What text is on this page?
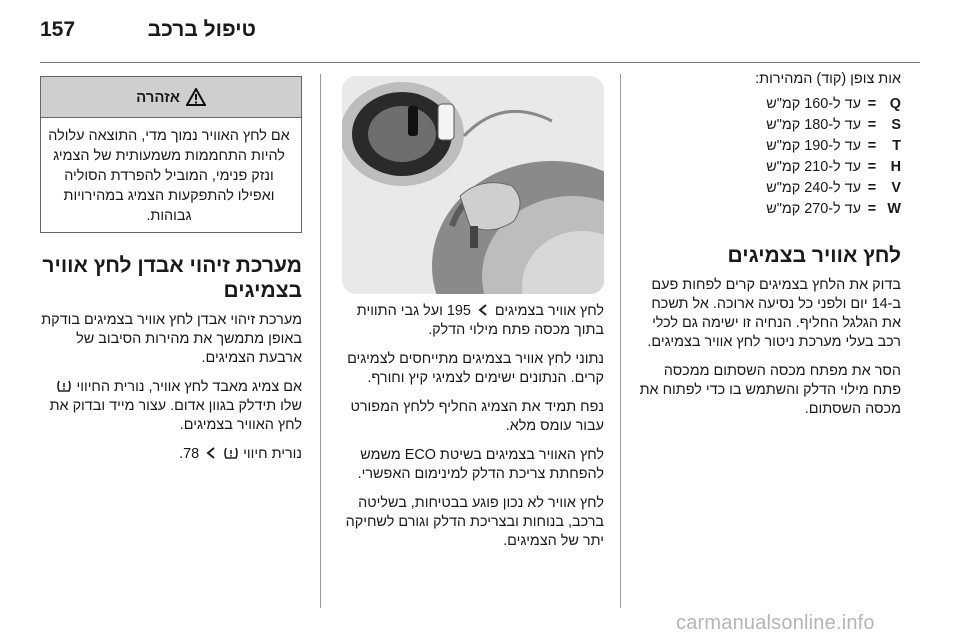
157	טיפול ברכב
אות צופן (קוד) המהירות:
Q
=
עד ל-160 קמ"ש
S
=
עד ל-180 קמ"ש
T
=
עד ל-190 קמ"ש
H
=
עד ל-210 קמ"ש
V
=
עד ל-240 קמ"ש
W
=
עד ל-270 קמ"ש
לחץ אוויר בצמיגים

בדוק את הלחץ בצמיגים קרים לפחות פעם ב-14 יום ולפני כל נסיעה ארוכה. אל תשכח את הגלגל החליף. הנחיה זו ישימה גם לכלי רכב בעלי מערכת ניטור לחץ אוויר בצמיגים.

הסר את מפתח מכסה השסתום ממכסה פתח מילוי הדלק והשתמש בו כדי לפתוח את מכסה השסתום.

לחץ אוויר בצמיגים  195 ועל גבי התווית בתוך מכסה פתח מילוי הדלק.

נתוני לחץ אוויר בצמיגים מתייחסים לצמיגים קרים. הנתונים ישימים לצמיגי קיץ וחורף.

נפח תמיד את הצמיג החליף ללחץ המפורט עבור עומס מלא.

לחץ האוויר בצמיגים בשיטת ECO משמש להפחתת צריכת הדלק למינימום האפשרי.

לחץ אוויר לא נכון פוגע בבטיחות, בשליטה ברכב, בנוחות ובצריכת הדלק וגורם לשחיקה יתר של הצמיגים.

אזהרה
אם לחץ האוויר נמוך מדי, התוצאה עלולה להיות התחממות משמעותית של הצמיג ונזק פנימי, המוביל להפרדת הסוליה ואפילו להתפקעות הצמיג במהירויות גבוהות.
מערכת זיהוי אבדן לחץ אוויר בצמיגים

מערכת זיהוי אבדן לחץ אוויר בצמיגים בודקת באופן מתמשך את מהירות הסיבוב של ארבעת הצמיגים.

אם צמיג מאבד לחץ אוויר, נורית החיווי  שלו תידלק בגוון אדום. עצור מייד ובדוק את לחץ האוויר בצמיגים.

נורית חיווי   78.

carmanualsonline.info
